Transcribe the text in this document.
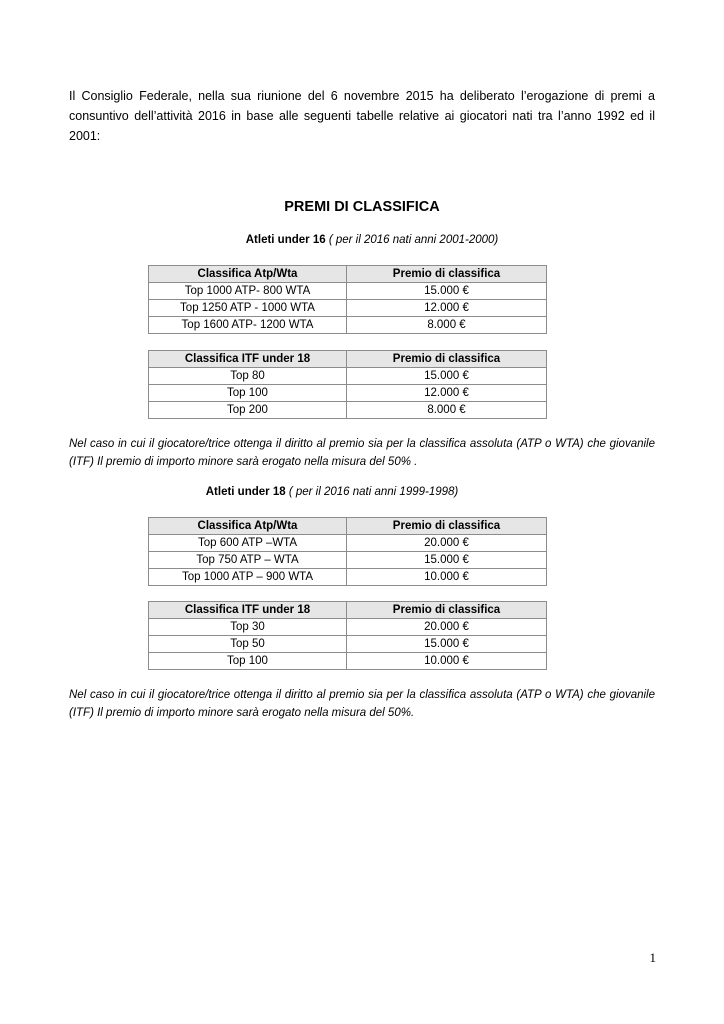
Il Consiglio Federale, nella sua riunione del 6 novembre 2015 ha deliberato l’erogazione di premi a consuntivo dell’attività 2016 in base alle seguenti tabelle relative ai giocatori nati tra l’anno 1992 ed il 2001:

PREMI DI CLASSIFICA

Atleti under 16 ( per il 2016 nati anni 2001-2000)

Classifica Atp/Wta	Premio di classifica
Top 1000 ATP- 800 WTA	15.000 €
Top 1250 ATP - 1000 WTA	12.000 €
Top 1600 ATP- 1200 WTA	8.000 €
Classifica ITF under 18	Premio di classifica
Top 80	15.000 €
Top 100	12.000 €
Top 200	8.000 €

Nel caso in cui il giocatore/trice ottenga il diritto al premio sia per la classifica assoluta (ATP o WTA) che giovanile (ITF) Il premio di importo minore sarà erogato nella misura del 50% .

Atleti under 18 ( per il 2016 nati anni 1999-1998)

Classifica Atp/Wta	Premio di classifica
Top 600 ATP –WTA	20.000 €
Top 750 ATP – WTA	15.000 €
Top 1000 ATP – 900 WTA	10.000 €
Classifica ITF under 18	Premio di classifica
Top 30	20.000 €
Top 50	15.000 €
Top 100	10.000 €

Nel caso in cui il giocatore/trice ottenga il diritto al premio sia per la classifica assoluta (ATP o WTA) che giovanile (ITF) Il premio di importo minore sarà erogato nella misura del 50%.

1
